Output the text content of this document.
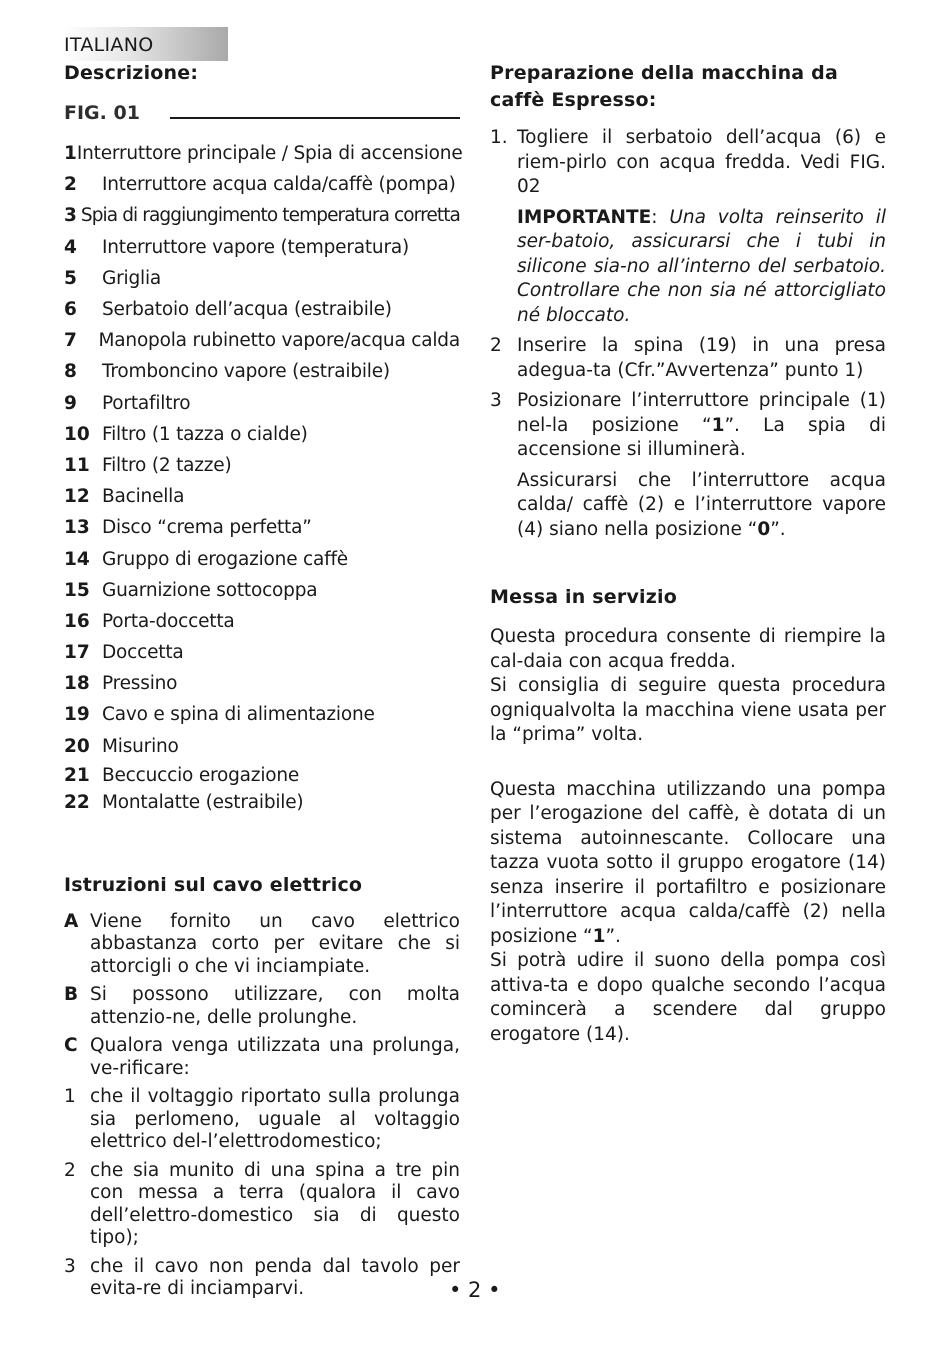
ITALIANO
Descrizione:
FIG. 01
1 Interruttore principale / Spia di accensione
2	Interruttore acqua calda/caffè (pompa)
3 Spia di raggiungimento temperatura corretta
4	Interruttore vapore (temperatura)
5	Griglia
6	Serbatoio dell’acqua (estraibile)
7	Manopola rubinetto vapore/acqua calda
8	Tromboncino vapore (estraibile)
9	Portafiltro
10 Filtro (1 tazza o cialde)
11 Filtro (2 tazze)
12 Bacinella
13 Disco “crema perfetta”
14 Gruppo di erogazione caffè
15 Guarnizione sottocoppa
16 Porta-doccetta
17 Doccetta
18 Pressino
19 Cavo e spina di alimentazione
20 Misurino
21 Beccuccio erogazione
22 Montalatte (estraibile)
Istruzioni sul cavo elettrico
A Viene fornito un cavo elettrico abbastanza corto per evitare che si attorcigli o che vi inciampiate.
B Si possono utilizzare, con molta attenzio-ne, delle prolunghe.
C Qualora venga utilizzata una prolunga, ve-rificare:
1 che il voltaggio riportato sulla prolunga sia perlomeno, uguale al voltaggio elettrico del-l’elettrodomestico;
2 che sia munito di una spina a tre pin con messa a terra (qualora il cavo dell’elettro-domestico sia di questo tipo);
3 che il cavo non penda dal tavolo per evita-re di inciamparvi.
Preparazione della macchina da caffè Espresso:
1. Togliere il serbatoio dell’acqua (6) e riem-pirlo con acqua fredda. Vedi FIG. 02
IMPORTANTE: Una volta reinserito il ser-batoio, assicurarsi che i tubi in silicone sia-no all’interno del serbatoio. Controllare che non sia né attorcigliato né bloccato.
2 Inserire la spina (19) in una presa adegua-ta (Cfr.”Avvertenza” punto 1)
3 Posizionare l’interruttore principale (1) nel-la posizione “1”. La spia di accensione si illuminerà.
Assicurarsi che l’interruttore acqua calda/ caffè (2) e l’interruttore vapore (4) siano nella posizione “0”.
Messa in servizio

Questa procedura consente di riempire la cal-daia con acqua fredda.

Si consiglia di seguire questa procedura ogniqualvolta la macchina viene usata per la “prima” volta.

Questa macchina utilizzando una pompa per l’erogazione del caffè, è dotata di un sistema autoinnescante. Collocare una tazza vuota sotto il gruppo erogatore (14) senza inserire il portafiltro e posizionare l’interruttore acqua calda/caffè (2) nella posizione “1”.

Si potrà udire il suono della pompa così attiva-ta e dopo qualche secondo l’acqua comincerà a scendere dal gruppo erogatore (14).

• 2 •
